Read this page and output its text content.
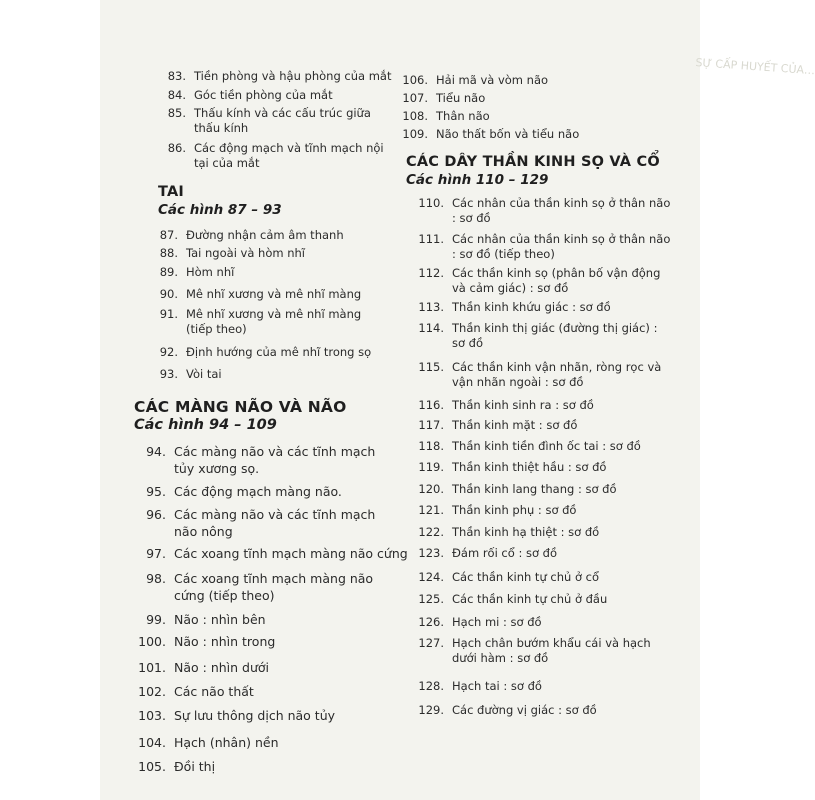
SỰ CẤP HUYẾT CỦA…
83. Tiền phòng và hậu phòng của mắt
84. Góc tiền phòng của mắt
85. Thấu kính và các cấu trúc giữa thấu kính
86. Các động mạch và tĩnh mạch nội tại của mắt
TAI
Các hình 87 – 93
87. Đường nhận cảm âm thanh
88. Tai ngoài và hòm nhĩ
89. Hòm nhĩ
90. Mê nhĩ xương và mê nhĩ màng
91. Mê nhĩ xương và mê nhĩ màng (tiếp theo)
92. Định hướng của mê nhĩ trong sọ
93. Vòi tai
CÁC MÀNG NÃO VÀ NÃO
Các hình 94 – 109
94. Các màng não và các tĩnh mạch tủy xương sọ.
95. Các động mạch màng não.
96. Các màng não và các tĩnh mạch não nông
97. Các xoang tĩnh mạch màng não cứng
98. Các xoang tĩnh mạch màng não cứng (tiếp theo)
99. Não : nhìn bên
100. Não : nhìn trong
101. Não : nhìn dưới
102. Các não thất
103. Sự lưu thông dịch não tủy
104. Hạch (nhân) nền
105. Đồi thị
106. Hải mã và vòm não
107. Tiểu não
108. Thân não
109. Não thất bốn và tiểu não
CÁC DÂY THẦN KINH SỌ VÀ CỔ
Các hình 110 – 129
110. Các nhân của thần kinh sọ ở thân não : sơ đồ
111. Các nhân của thần kinh sọ ở thân não : sơ đồ (tiếp theo)
112. Các thần kinh sọ (phân bố vận động và cảm giác) : sơ đồ
113. Thần kinh khứu giác : sơ đồ
114. Thần kinh thị giác (đường thị giác) : sơ đồ
115. Các thần kinh vận nhãn, ròng rọc và vận nhãn ngoài : sơ đồ
116. Thần kinh sinh ra : sơ đồ
117. Thần kinh mặt : sơ đồ
118. Thần kinh tiền đình ốc tai : sơ đồ
119. Thần kinh thiệt hầu : sơ đồ
120. Thần kinh lang thang : sơ đồ
121. Thần kinh phụ : sơ đồ
122. Thần kinh hạ thiệt : sơ đồ
123. Đám rối cổ : sơ đồ
124. Các thần kinh tự chủ ở cổ
125. Các thần kinh tự chủ ở đầu
126. Hạch mi : sơ đồ
127. Hạch chân bướm khẩu cái và hạch dưới hàm : sơ đồ
128. Hạch tai : sơ đồ
129. Các đường vị giác : sơ đồ
